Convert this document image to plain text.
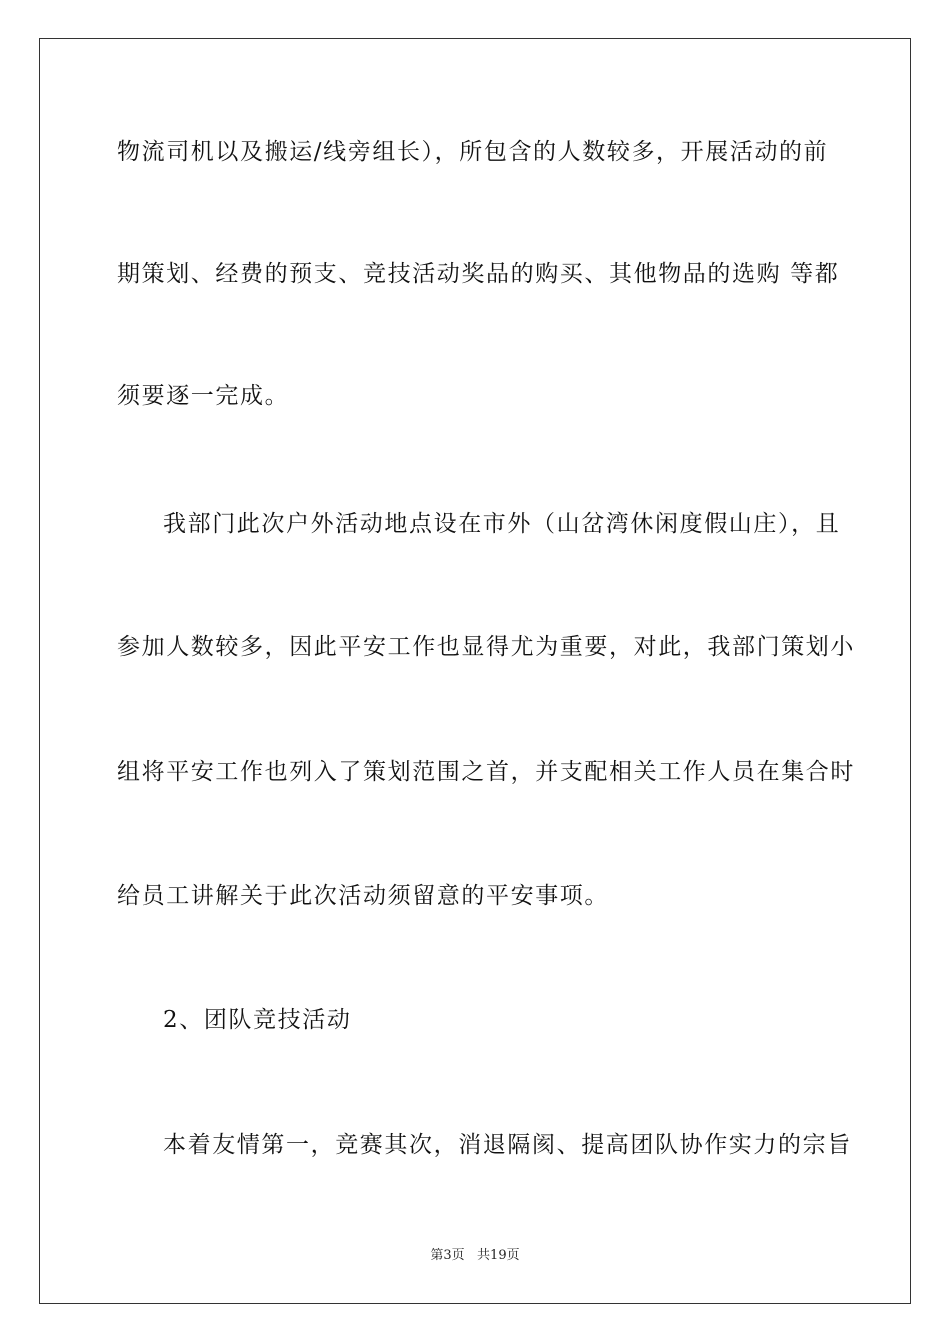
物流司机以及搬运/线旁组长），所包含的人数较多，开展活动的前
期策划、经费的预支、竞技活动奖品的购买、其他物品的选购 等都
须要逐一完成。
我部门此次户外活动地点设在市外（山岔湾休闲度假山庄），且
参加人数较多，因此平安工作也显得尤为重要，对此，我部门策划小
组将平安工作也列入了策划范围之首，并支配相关工作人员在集合时
给员工讲解关于此次活动须留意的平安事项。
2、团队竞技活动
本着友情第一，竞赛其次，消退隔阂、提高团队协作实力的宗旨
第3页   共19页
